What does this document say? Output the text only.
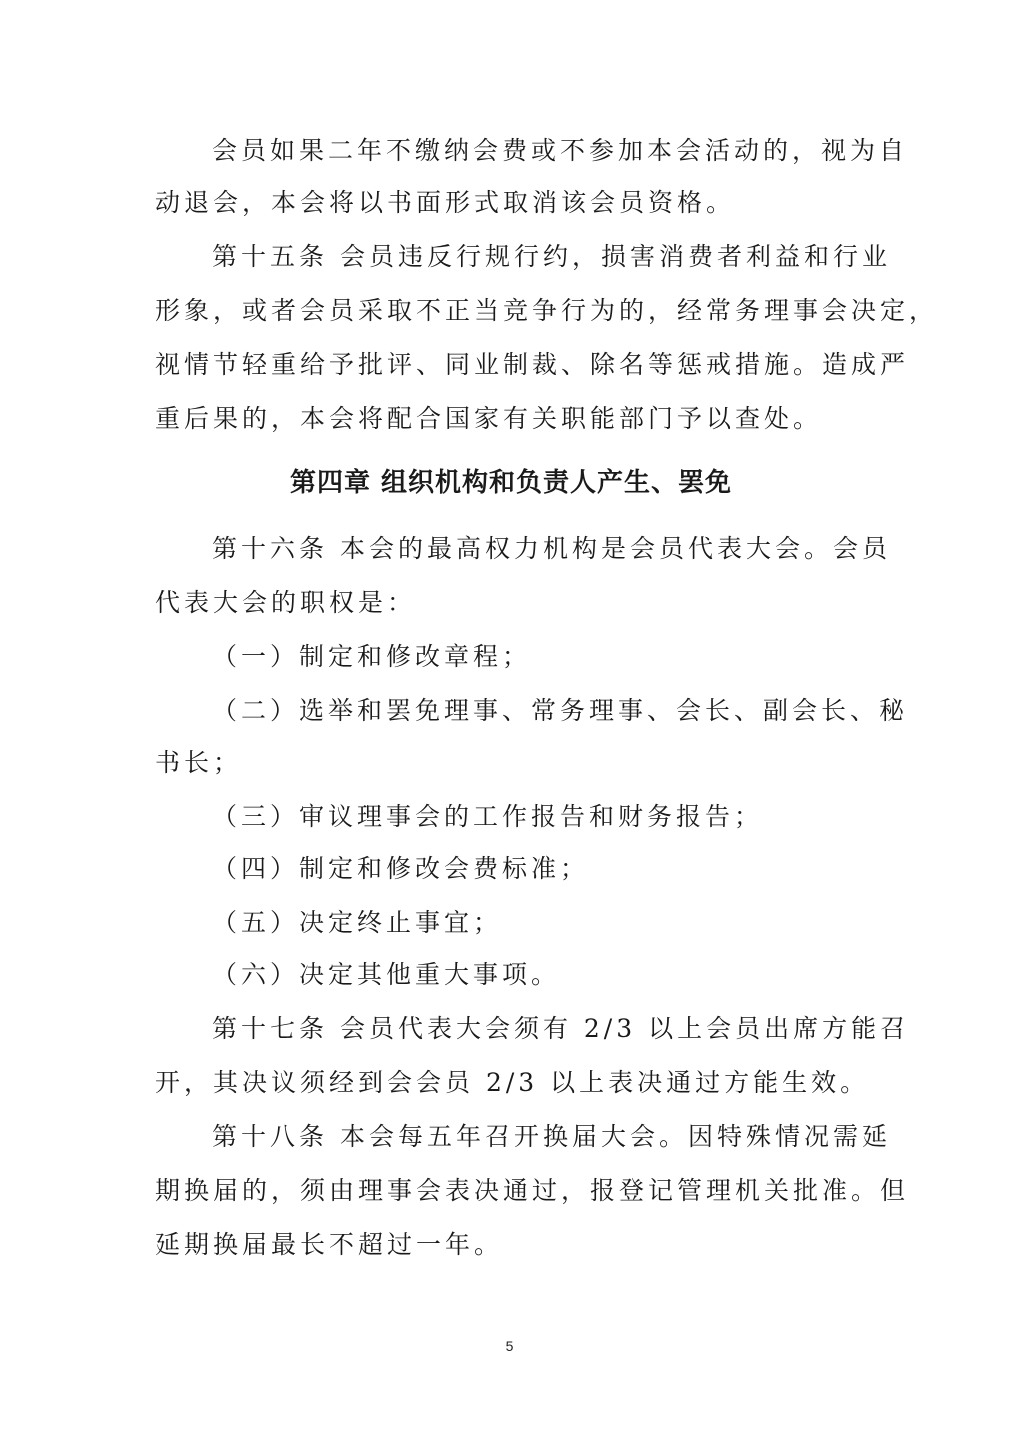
会员如果二年不缴纳会费或不参加本会活动的，视为自
动退会，本会将以书面形式取消该会员资格。
第十五条 会员违反行规行约，损害消费者利益和行业
形象，或者会员采取不正当竞争行为的，经常务理事会决定，
视情节轻重给予批评、同业制裁、除名等惩戒措施。造成严
重后果的，本会将配合国家有关职能部门予以查处。
第四章 组织机构和负责人产生、罢免
第十六条 本会的最高权力机构是会员代表大会。会员
代表大会的职权是：
（一）制定和修改章程；
（二）选举和罢免理事、常务理事、会长、副会长、秘
书长；
（三）审议理事会的工作报告和财务报告；
（四）制定和修改会费标准；
（五）决定终止事宜；
（六）决定其他重大事项。
第十七条 会员代表大会须有 2/3 以上会员出席方能召
开，其决议须经到会会员 2/3 以上表决通过方能生效。
第十八条 本会每五年召开换届大会。因特殊情况需延
期换届的，须由理事会表决通过，报登记管理机关批准。但
延期换届最长不超过一年。
5
